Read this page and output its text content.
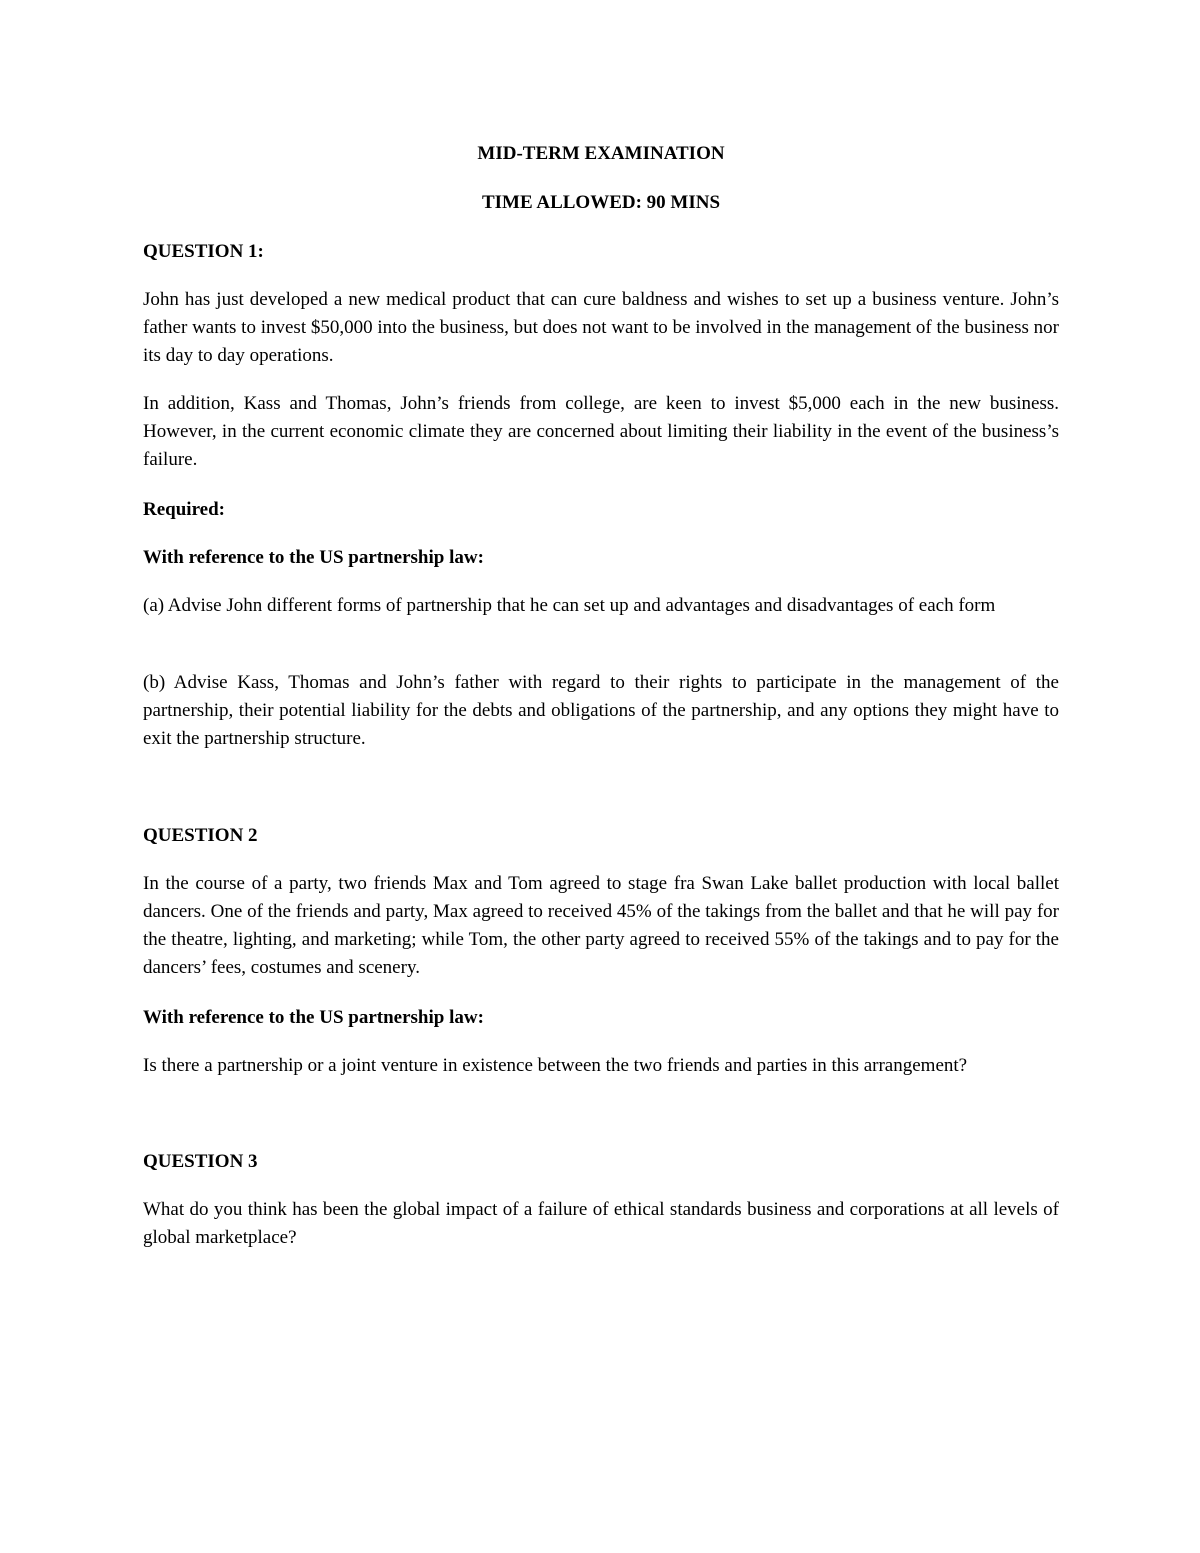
MID-TERM EXAMINATION

TIME ALLOWED: 90 MINS

QUESTION 1:

John has just developed a new medical product that can cure baldness and wishes to set up a business venture. John’s father wants to invest $50,000 into the business, but does not want to be involved in the management of the business nor its day to day operations.

In addition, Kass and Thomas, John’s friends from college, are keen to invest $5,000 each in the new business. However, in the current economic climate they are concerned about limiting their liability in the event of the business’s failure.

Required:

With reference to the US partnership law:

(a) Advise John different forms of partnership that he can set up and advantages and disadvantages of each form

(b) Advise Kass, Thomas and John’s father with regard to their rights to participate in the management of the partnership, their potential liability for the debts and obligations of the partnership, and any options they might have to exit the partnership structure.

QUESTION 2

In the course of a party, two friends Max and Tom agreed to stage fra Swan Lake ballet production with local ballet dancers. One of the friends and party, Max agreed to received 45% of the takings from the ballet and that he will pay for the theatre, lighting, and marketing; while Tom, the other party agreed to received 55% of the takings and to pay for the dancers’ fees, costumes and scenery.

With reference to the US partnership law:

Is there a partnership or a joint venture in existence between the two friends and parties in this arrangement?

QUESTION 3

What do you think has been the global impact of a failure of ethical standards business and corporations at all levels of global marketplace?
